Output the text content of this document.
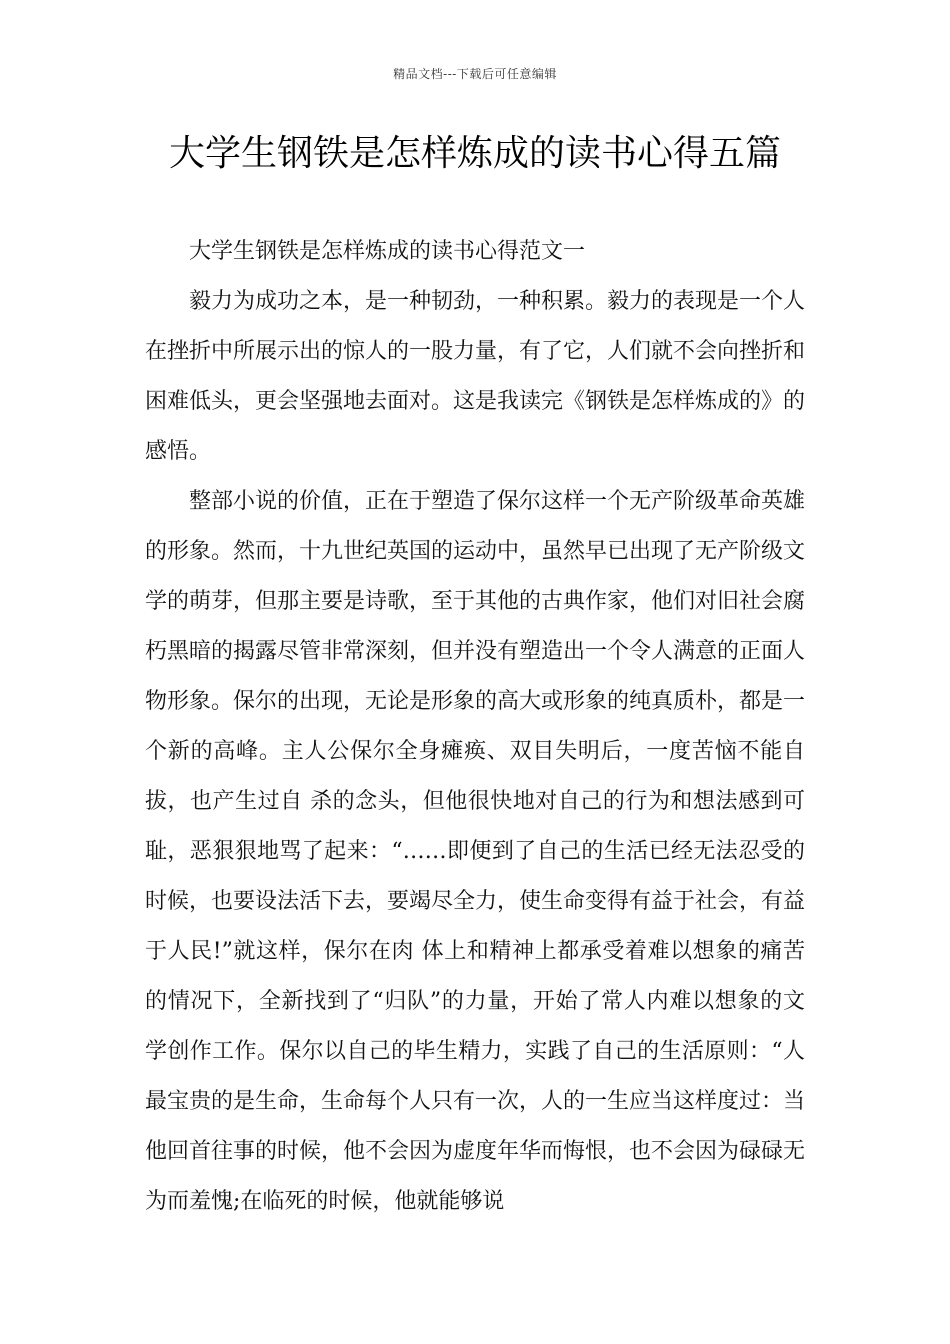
精品文档---下载后可任意编辑
大学生钢铁是怎样炼成的读书心得五篇

大学生钢铁是怎样炼成的读书心得范文一

毅力为成功之本，是一种韧劲，一种积累。毅力的表现是一个人在挫折中所展示出的惊人的一股力量，有了它，人们就不会向挫折和困难低头，更会坚强地去面对。这是我读完《钢铁是怎样炼成的》的感悟。

整部小说的价值，正在于塑造了保尔这样一个无产阶级革命英雄的形象。然而，十九世纪英国的运动中，虽然早已出现了无产阶级文学的萌芽，但那主要是诗歌，至于其他的古典作家，他们对旧社会腐朽黑暗的揭露尽管非常深刻，但并没有塑造出一个令人满意的正面人物形象。保尔的出现，无论是形象的高大或形象的纯真质朴，都是一个新的高峰。主人公保尔全身瘫痪、双目失明后，一度苦恼不能自拔，也产生过自 杀的念头，但他很快地对自己的行为和想法感到可耻，恶狠狠地骂了起来：“……即便到了自己的生活已经无法忍受的时候，也要设法活下去，要竭尽全力，使生命变得有益于社会，有益于人民!”就这样，保尔在肉 体上和精神上都承受着难以想象的痛苦的情况下，全新找到了“归队”的力量，开始了常人内难以想象的文学创作工作。保尔以自己的毕生精力，实践了自己的生活原则：“人最宝贵的是生命，生命每个人只有一次，人的一生应当这样度过：当他回首往事的时候，他不会因为虚度年华而悔恨，也不会因为碌碌无为而羞愧;在临死的时候，他就能够说
